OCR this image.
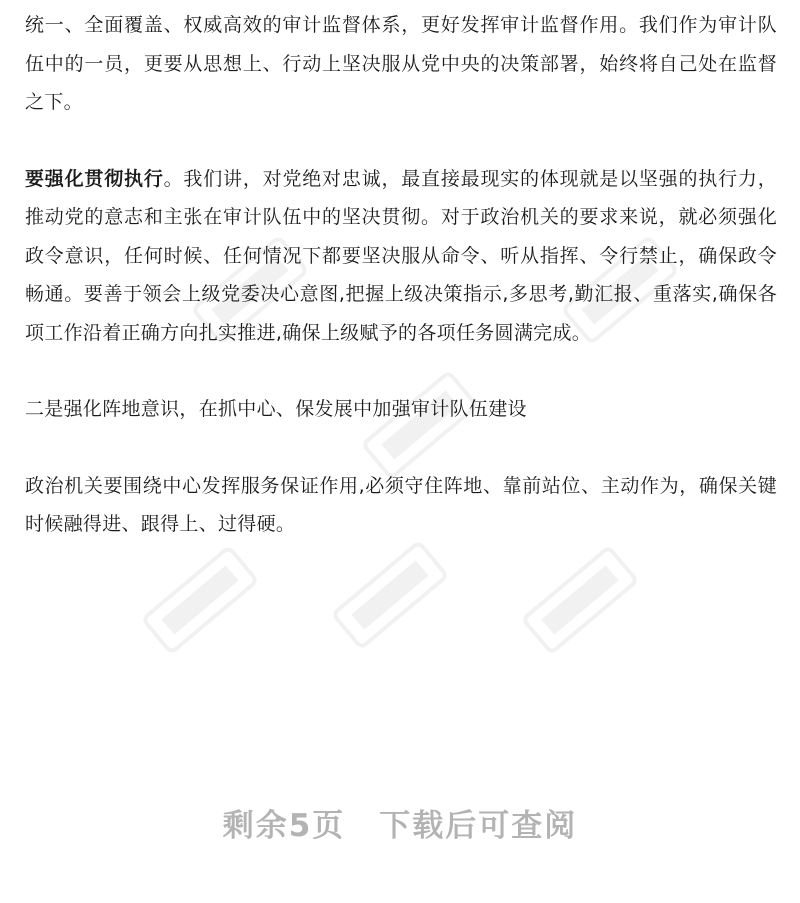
统一、全面覆盖、权威高效的审计监督体系，更好发挥审计监督作用。我们作为审计队伍中的一员，更要从思想上、行动上坚决服从党中央的决策部署，始终将自己处在监督之下。

要强化贯彻执行。我们讲，对党绝对忠诚，最直接最现实的体现就是以坚强的执行力，推动党的意志和主张在审计队伍中的坚决贯彻。对于政治机关的要求来说，就必须强化政令意识，任何时候、任何情况下都要坚决服从命令、听从指挥、令行禁止，确保政令畅通。要善于领会上级党委决心意图,把握上级决策指示,多思考,勤汇报、重落实,确保各项工作沿着正确方向扎实推进,确保上级赋予的各项任务圆满完成。

二是强化阵地意识，在抓中心、保发展中加强审计队伍建设

政治机关要围绕中心发挥服务保证作用,必须守住阵地、靠前站位、主动作为，确保关键时候融得进、跟得上、过得硬。

剩余5页 下载后可查阅
